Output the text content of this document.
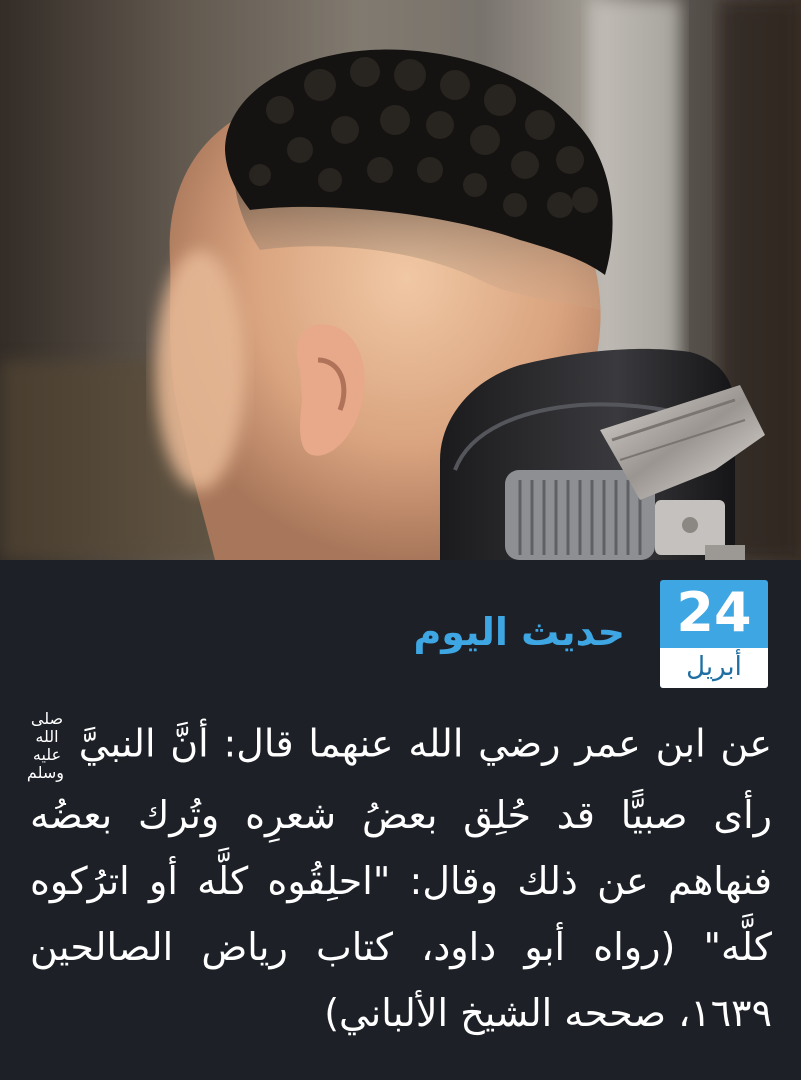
24
أبريل
حديث اليوم
عن ابن عمر رضي الله عنهما قال: أنَّ النبيَّ صلى الله عليه وسلم رأى صبيًّا قد حُلِق بعضُ شعرِه وتُرك بعضُه فنهاهم عن ذلك وقال: "احلِقُوه كلَّه أو اترُكوه كلَّه" (رواه أبو داود، كتاب رياض الصالحين ١٦٣٩، صححه الشيخ الألباني)
